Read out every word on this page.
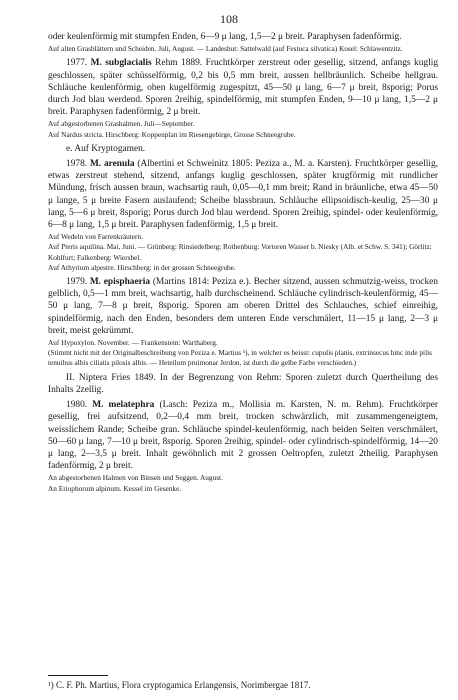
108

oder keulenförmig mit stumpfen Enden, 6—9 μ lang, 1,5—2 μ breit. Paraphysen fadenförmig.

Auf alten Grasblättern und Scheiden. Juli, August. — Landeshut: Sattelwald (auf Festuca silvatica) Kosel: Schlawentzitz.

1977. M. subglacialis Rehm 1889. Fruchtkörper zerstreut oder gesellig, sitzend, anfangs kuglig geschlossen, später schüsselförmig, 0,2 bis 0,5 mm breit, aussen hellbräunlich. Scheibe hellgrau. Schläuche keulenförmig, oben kugelförmig zugespitzt, 45—50 μ lang, 6—7 μ breit, 8sporig; Porus durch Jod blau werdend. Sporen 2reihig, spindelförmig, mit stumpfen Enden, 9—10 μ lang, 1,5—2 μ breit. Paraphysen fadenförmig, 2 μ breit.

Auf abgestorbenen Grashalmen. Juli—September.
Auf Nardus stricta. Hirschberg: Koppenplan im Riesengebirge, Grosse Schneegrube.

e. Auf Kryptogamen.

1978. M. arenula (Albertini et Schweinitz 1805: Peziza a., M. a. Karsten). Fruchtkörper gesellig, etwas zerstreut stehend, sitzend, anfangs kuglig geschlossen, später krugförmig mit rundlicher Mündung, frisch aussen braun, wachsartig rauh, 0,05—0,1 mm breit; Rand in bräunliche, etwa 45—50 μ lange, 5 μ breite Fasern auslaufend; Scheibe blassbraun. Schläuche ellipsoidisch-keulig, 25—30 μ lang, 5—6 μ breit, 8sporig; Porus durch Jod blau werdend. Sporen 2reihig, spindel- oder keulenförmig, 6—8 μ lang, 1,5 μ breit. Paraphysen fadenförmig, 1,5 μ breit.

Auf Wedeln von Farrenkräutern.
Auf Pteris aquilina. Mai, Juni. — Grünberg: Rinsiedelberg; Rothenburg: Vortoren Wasser b. Niesky (Alb. et Schw. S. 341); Görlitz: Kohlfurt; Falkenberg: Wiersbel.
Auf Athyrium alpestre. Hirschberg: in der grossen Schneegrube.

1979. M. episphaeria (Martins 1814: Peziza e.). Becher sitzend, aussen schmutzig-weiss, trocken gelblich, 0,5—1 mm breit, wachsartig, halb durchscheinend. Schläuche cylindrisch-keulenförmig, 45—50 μ lang, 7—8 μ breit, 8sporig. Sporen am oberen Drittel des Schlauches, schief einreihig, spindelförmig, nach den Enden, besonders dem unteren Ende verschmälert, 11—15 μ lang, 2—3 μ breit, meist gekrümmt.

Auf Hypoxylon. November. — Frankenstein: Warthaberg.
(Stimmt nicht mit der Originalbeschreibung von Peziza e. Martius ¹), in welcher es heisst: cupulis planis, extrinsecus hinc inde pilis tenuibus albis ciliatis pilosis albis. — Heteilum pruimonar Jerdon, ist durch die gelbe Farbe verschieden.)

II. Niptera Fries 1849. In der Begrenzung von Rehm: Sporen zuletzt durch Quertheilung des Inhalts 2zellig.

1980. M. melatephra (Lasch: Peziza m., Mollisia m. Karsten, N. m. Rehm). Fruchtkörper gesellig, frei aufsitzend, 0,2—0,4 mm breit, trocken schwärzlich, mit zusammengeneigtem, weisslichem Rande; Scheibe gran. Schläuche spindel-keulenförmig, nach beiden Seiten verschmälert, 50—60 μ lang, 7—10 μ breit, 8sporig. Sporen 2reihig, spindel- oder cylindrisch-spindelförmig, 14—20 μ lang, 2—3,5 μ breit. Inhalt gewöhnlich mit 2 grossen Oeltropfen, zuletzt 2theilig. Paraphysen fadenförmig, 2 μ breit.

An abgestorbenen Halmen von Binsen und Seggen. August.
An Eriophorum alpinum. Kessel im Gesenke.

¹) C. F. Ph. Martius, Flora cryptogamica Erlangensis, Norimbergae 1817.
